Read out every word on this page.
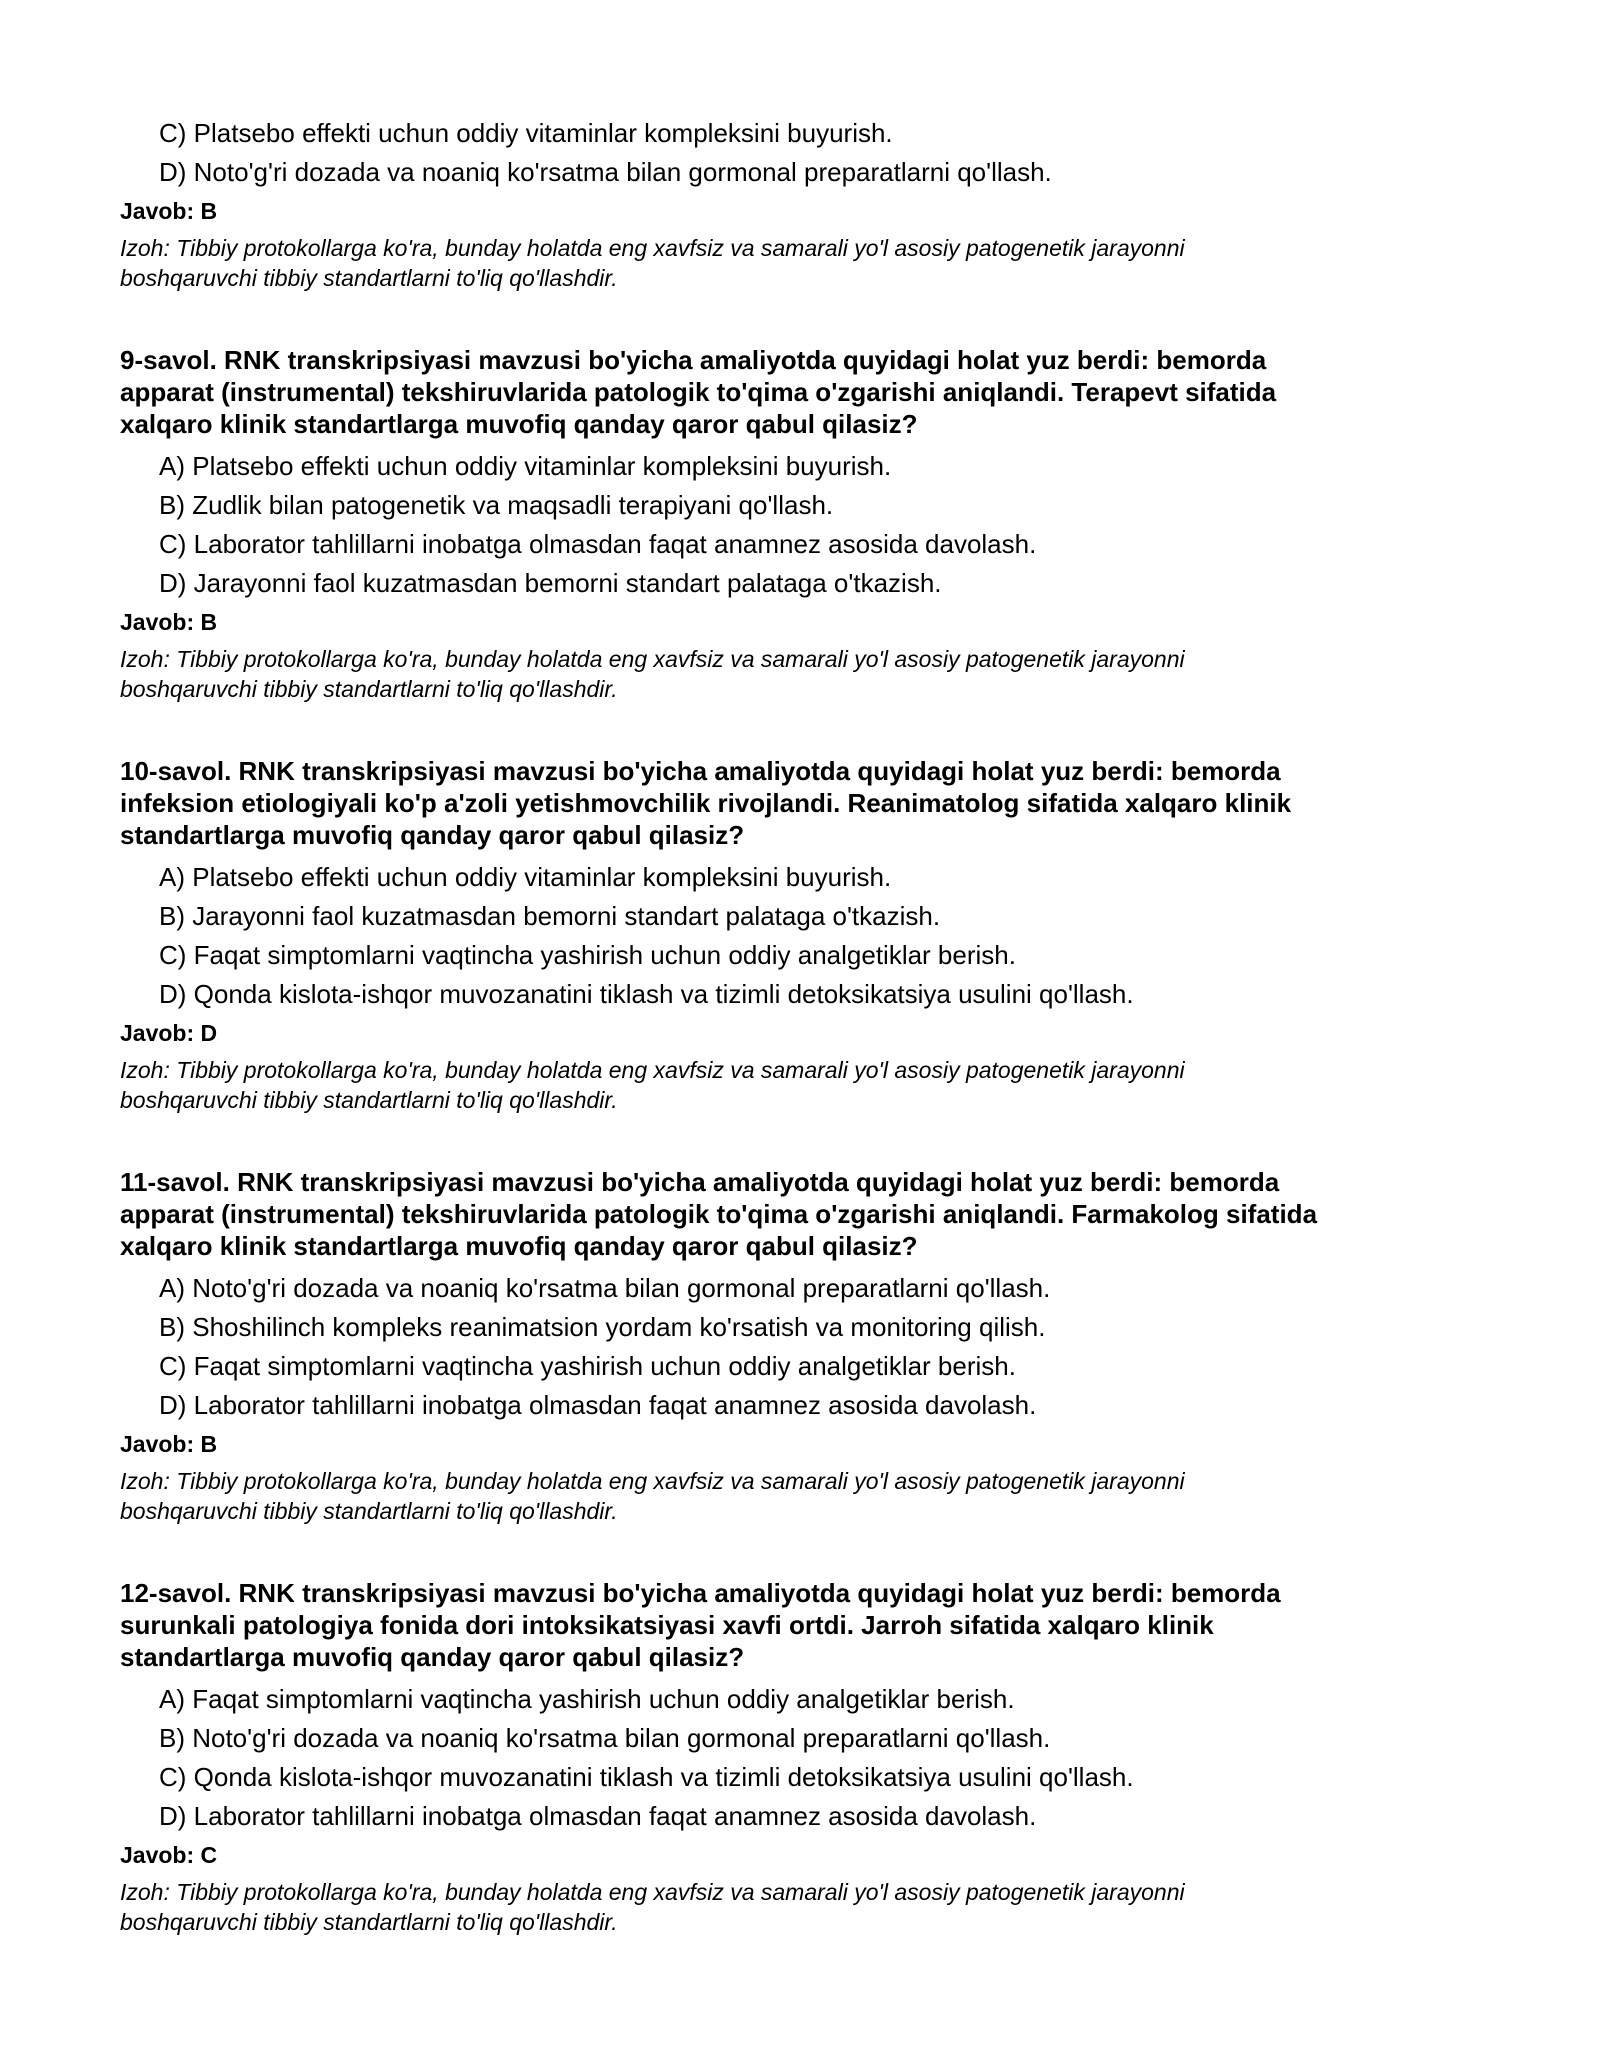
C) Platsebo effekti uchun oddiy vitaminlar kompleksini buyurish.
D) Noto'g'ri dozada va noaniq ko'rsatma bilan gormonal preparatlarni qo'llash.
Javob: B

Izoh: Tibbiy protokollarga ko'ra, bunday holatda eng xavfsiz va samarali yo'l asosiy patogenetik jarayonni
boshqaruvchi tibbiy standartlarni to'liq qo'llashdir.

9-savol. RNK transkripsiyasi mavzusi bo'yicha amaliyotda quyidagi holat yuz berdi: bemorda
apparat (instrumental) tekshiruvlarida patologik to'qima o'zgarishi aniqlandi. Terapevt sifatida
xalqaro klinik standartlarga muvofiq qanday qaror qabul qilasiz?
A) Platsebo effekti uchun oddiy vitaminlar kompleksini buyurish.
B) Zudlik bilan patogenetik va maqsadli terapiyani qo'llash.
C) Laborator tahlillarni inobatga olmasdan faqat anamnez asosida davolash.
D) Jarayonni faol kuzatmasdan bemorni standart palataga o'tkazish.
Javob: B

Izoh: Tibbiy protokollarga ko'ra, bunday holatda eng xavfsiz va samarali yo'l asosiy patogenetik jarayonni
boshqaruvchi tibbiy standartlarni to'liq qo'llashdir.

10-savol. RNK transkripsiyasi mavzusi bo'yicha amaliyotda quyidagi holat yuz berdi: bemorda
infeksion etiologiyali ko'p a'zoli yetishmovchilik rivojlandi. Reanimatolog sifatida xalqaro klinik
standartlarga muvofiq qanday qaror qabul qilasiz?
A) Platsebo effekti uchun oddiy vitaminlar kompleksini buyurish.
B) Jarayonni faol kuzatmasdan bemorni standart palataga o'tkazish.
C) Faqat simptomlarni vaqtincha yashirish uchun oddiy analgetiklar berish.
D) Qonda kislota-ishqor muvozanatini tiklash va tizimli detoksikatsiya usulini qo'llash.
Javob: D

Izoh: Tibbiy protokollarga ko'ra, bunday holatda eng xavfsiz va samarali yo'l asosiy patogenetik jarayonni
boshqaruvchi tibbiy standartlarni to'liq qo'llashdir.

11-savol. RNK transkripsiyasi mavzusi bo'yicha amaliyotda quyidagi holat yuz berdi: bemorda
apparat (instrumental) tekshiruvlarida patologik to'qima o'zgarishi aniqlandi. Farmakolog sifatida
xalqaro klinik standartlarga muvofiq qanday qaror qabul qilasiz?
A) Noto'g'ri dozada va noaniq ko'rsatma bilan gormonal preparatlarni qo'llash.
B) Shoshilinch kompleks reanimatsion yordam ko'rsatish va monitoring qilish.
C) Faqat simptomlarni vaqtincha yashirish uchun oddiy analgetiklar berish.
D) Laborator tahlillarni inobatga olmasdan faqat anamnez asosida davolash.
Javob: B

Izoh: Tibbiy protokollarga ko'ra, bunday holatda eng xavfsiz va samarali yo'l asosiy patogenetik jarayonni
boshqaruvchi tibbiy standartlarni to'liq qo'llashdir.

12-savol. RNK transkripsiyasi mavzusi bo'yicha amaliyotda quyidagi holat yuz berdi: bemorda
surunkali patologiya fonida dori intoksikatsiyasi xavfi ortdi. Jarroh sifatida xalqaro klinik
standartlarga muvofiq qanday qaror qabul qilasiz?
A) Faqat simptomlarni vaqtincha yashirish uchun oddiy analgetiklar berish.
B) Noto'g'ri dozada va noaniq ko'rsatma bilan gormonal preparatlarni qo'llash.
C) Qonda kislota-ishqor muvozanatini tiklash va tizimli detoksikatsiya usulini qo'llash.
D) Laborator tahlillarni inobatga olmasdan faqat anamnez asosida davolash.
Javob: C

Izoh: Tibbiy protokollarga ko'ra, bunday holatda eng xavfsiz va samarali yo'l asosiy patogenetik jarayonni
boshqaruvchi tibbiy standartlarni to'liq qo'llashdir.
